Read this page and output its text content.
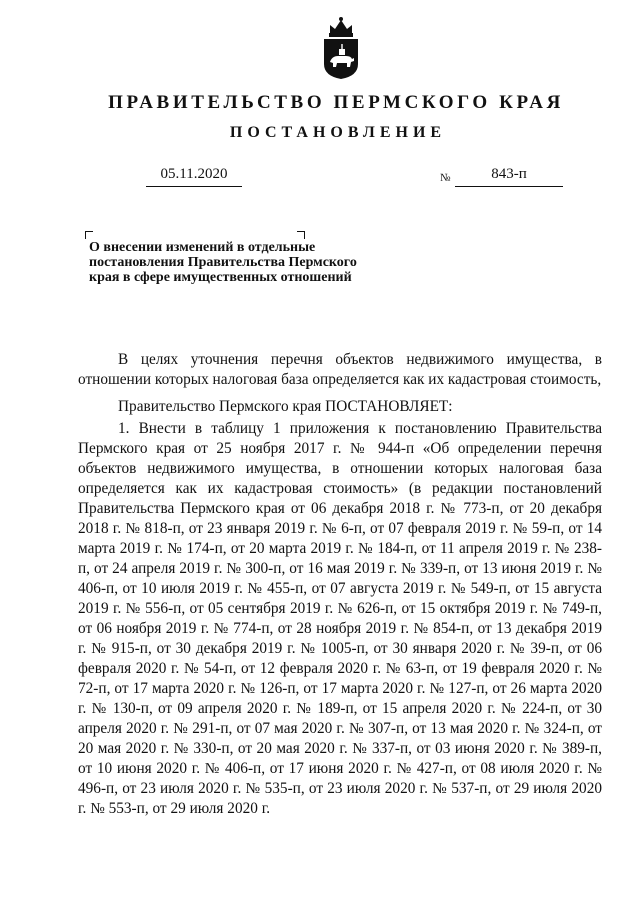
ПРАВИТЕЛЬСТВО ПЕРМСКОГО КРАЯ
ПОСТАНОВЛЕНИЕ
05.11.2020	№	843-п
О внесении изменений в отдельные постановления Правительства Пермского края в сфере имущественных отношений

В целях уточнения перечня объектов недвижимого имущества, в отношении которых налоговая база определяется как их кадастровая стоимость,

Правительство Пермского края ПОСТАНОВЛЯЕТ:

1. Внести в таблицу 1 приложения к постановлению Правительства Пермского края от 25 ноября 2017 г. № 944-п «Об определении перечня объектов недвижимого имущества, в отношении которых налоговая база определяется как их кадастровая стоимость» (в редакции постановлений Правительства Пермского края от 06 декабря 2018 г. № 773-п, от 20 декабря 2018 г. № 818-п, от 23 января 2019 г. № 6-п, от 07 февраля 2019 г. № 59-п, от 14 марта 2019 г. № 174-п, от 20 марта 2019 г. № 184-п, от 11 апреля 2019 г. № 238-п, от 24 апреля 2019 г. № 300-п, от 16 мая 2019 г. № 339-п, от 13 июня 2019 г. № 406-п, от 10 июля 2019 г. № 455-п, от 07 августа 2019 г. № 549-п, от 15 августа 2019 г. № 556-п, от 05 сентября 2019 г. № 626-п, от 15 октября 2019 г. № 749-п, от 06 ноября 2019 г. № 774-п, от 28 ноября 2019 г. № 854-п, от 13 декабря 2019 г. № 915-п, от 30 декабря 2019 г. № 1005-п, от 30 января 2020 г. № 39-п, от 06 февраля 2020 г. № 54-п, от 12 февраля 2020 г. № 63-п, от 19 февраля 2020 г. № 72-п, от 17 марта 2020 г. № 126-п, от 17 марта 2020 г. № 127-п, от 26 марта 2020 г. № 130-п, от 09 апреля 2020 г. № 189-п, от 15 апреля 2020 г. № 224-п, от 30 апреля 2020 г. № 291-п, от 07 мая 2020 г. № 307-п, от 13 мая 2020 г. № 324-п, от 20 мая 2020 г. № 330-п, от 20 мая 2020 г. № 337-п, от 03 июня 2020 г. № 389-п, от 10 июня 2020 г. № 406-п, от 17 июня 2020 г. № 427-п, от 08 июля 2020 г. № 496-п, от 23 июля 2020 г. № 535-п, от 23 июля 2020 г. № 537-п, от 29 июля 2020 г. № 553-п, от 29 июля 2020 г.
